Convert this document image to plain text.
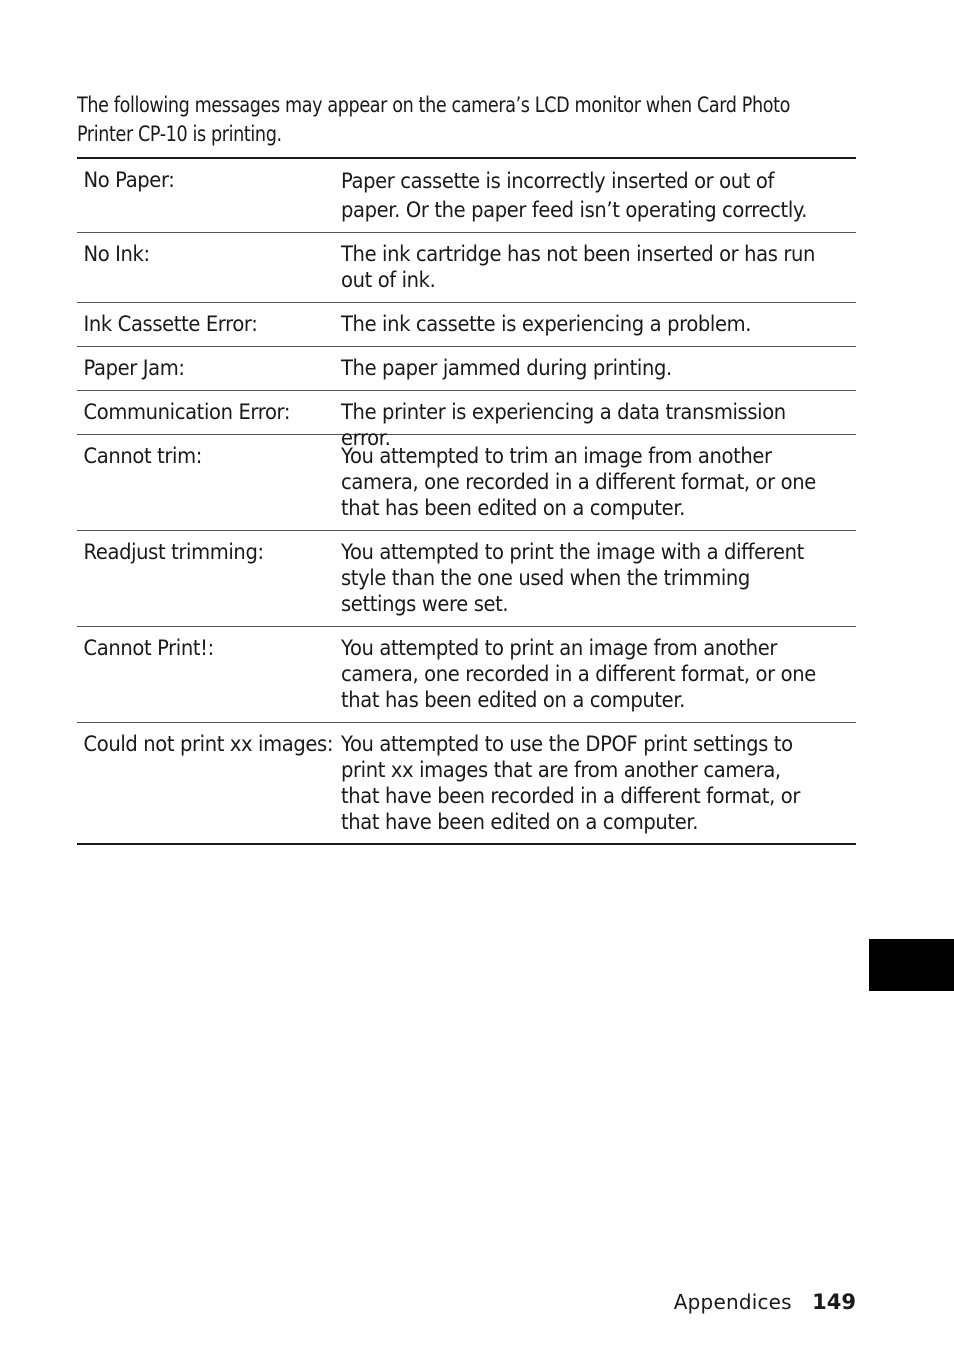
The following messages may appear on the camera’s LCD monitor when Card Photo Printer CP-10 is printing.
No Paper:	Paper cassette is incorrectly inserted or out of paper. Or the paper feed isn’t operating correctly.
No Ink:	The ink cartridge has not been inserted or has run out of ink.
Ink Cassette Error:	The ink cassette is experiencing a problem.
Paper Jam:	The paper jammed during printing.
Communication Error:	The printer is experiencing a data transmission error.
Cannot trim:	You attempted to trim an image from another camera, one recorded in a different format, or one that has been edited on a computer.
Readjust trimming:	You attempted to print the image with a different style than the one used when the trimming settings were set.
Cannot Print!:	You attempted to print an image from another camera, one recorded in a different format, or one that has been edited on a computer.
Could not print xx images: You attempted to use the DPOF print settings to print xx images that are from another camera, that have been recorded in a different format, or that have been edited on a computer.
Appendices 149
